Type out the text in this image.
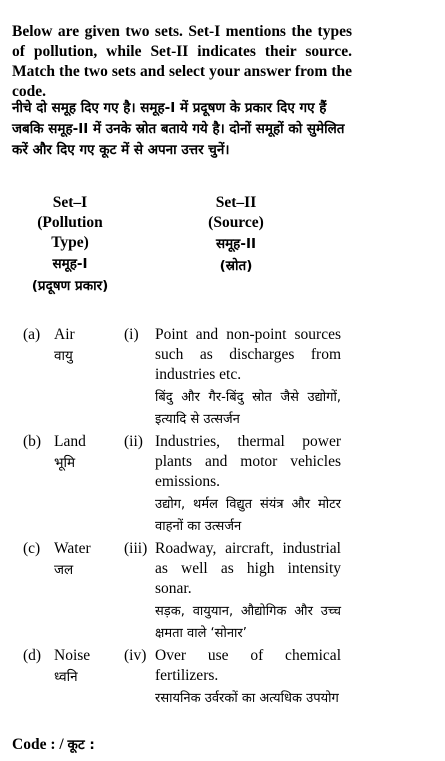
Below are given two sets. Set-I mentions the types of pollution, while Set-II indicates their source. Match the two sets and select your answer from the code.
नीचे दो समूह दिए गए है। समूह-I में प्रदूषण के प्रकार दिए गए हैं जबकि समूह-II में उनके स्रोत बताये गये है। दोनों समूहों को सुमेलित करें और दिए गए कूट में से अपना उत्तर चुनें।
Set–I
(Pollution Type)
समूह-I
(प्रदूषण प्रकार)
Set–II
(Source)
समूह-II
(स्रोत)
(a) Air
वायु
(i) Point and non-point sources such as discharges from industries etc.
बिंदु और गैर-बिंदु स्रोत जैसे उद्योगों, इत्यादि से उत्सर्जन
(b) Land
भूमि
(ii) Industries, thermal power plants and motor vehicles emissions.
उद्योग, थर्मल विद्युत संयंत्र और मोटर वाहनों का उत्सर्जन
(c) Water
जल
(iii) Roadway, aircraft, industrial as well as high intensity sonar.
सड़क, वायुयान, औद्योगिक और उच्च क्षमता वाले ‘सोनार’
(d) Noise
ध्वनि
(iv) Over use of chemical fertilizers.
रसायनिक उर्वरकों का अत्यधिक उपयोग
Code : / कूट :
